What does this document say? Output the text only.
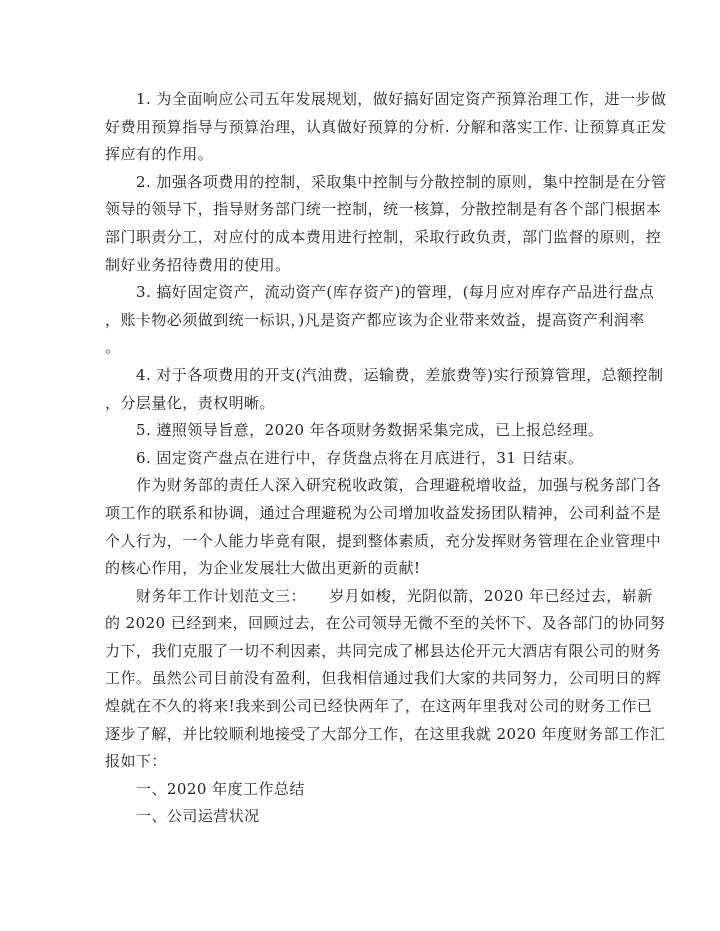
1. 为全面响应公司五年发展规划，做好搞好固定资产预算治理工作，进一步做
好费用预算指导与预算治理，认真做好预算的分析. 分解和落实工作. 让预算真正发
挥应有的作用。
2. 加强各项费用的控制，采取集中控制与分散控制的原则，集中控制是在分管
领导的领导下，指导财务部门统一控制，统一核算，分散控制是有各个部门根据本
部门职责分工，对应付的成本费用进行控制，采取行政负责，部门监督的原则，控
制好业务招待费用的使用。
3. 搞好固定资产，流动资产(库存资产)的管理，(每月应对库存产品进行盘点
，账卡物必须做到统一标识，)凡是资产都应该为企业带来效益，提高资产利润率
。
4. 对于各项费用的开支(汽油费，运输费，差旅费等)实行预算管理，总额控制
，分层量化，责权明晰。
5. 遵照领导旨意，2020 年各项财务数据采集完成，已上报总经理。
6. 固定资产盘点在进行中，存货盘点将在月底进行，31 日结束。
作为财务部的责任人深入研究税收政策，合理避税增收益，加强与税务部门各
项工作的联系和协调，通过合理避税为公司增加收益发扬团队精神，公司利益不是
个人行为，一个人能力毕竟有限，提到整体素质，充分发挥财务管理在企业管理中
的核心作用，为企业发展壮大做出更新的贡献!
财务年工作计划范文三：　　岁月如梭，光阴似箭，2020 年已经过去，崭新
的 2020 已经到来，回顾过去，在公司领导无微不至的关怀下、及各部门的协同努
力下，我们克服了一切不利因素，共同完成了郴县达伦开元大酒店有限公司的财务
工作。虽然公司目前没有盈利，但我相信通过我们大家的共同努力，公司明日的辉
煌就在不久的将来!我来到公司已经快两年了，在这两年里我对公司的财务工作已
逐步了解，并比较顺利地接受了大部分工作，在这里我就 2020 年度财务部工作汇
报如下：
一、2020 年度工作总结
一、公司运营状况
